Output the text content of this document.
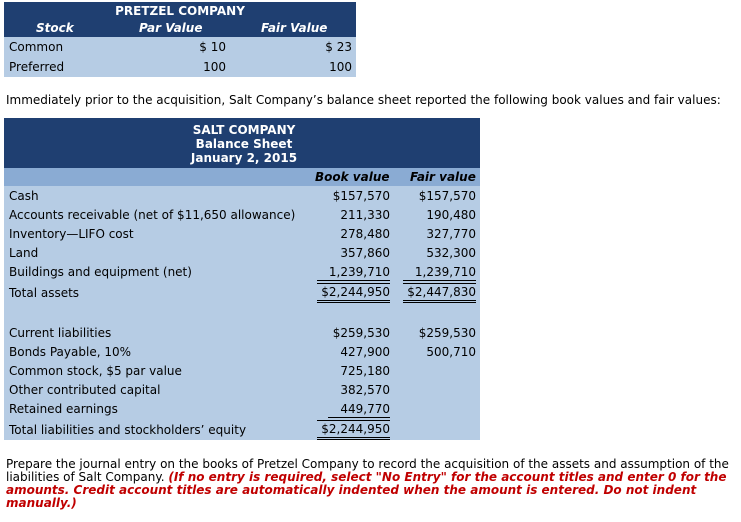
PRETZEL COMPANY
Stock	Par Value	Fair Value
Common	$ 10	$ 23
Preferred	100	100
Immediately prior to the acquisition, Salt Company’s balance sheet reported the following book values and fair values:
SALT COMPANY
Balance Sheet
January 2, 2015
Book value Fair value
Cash	$157,570 $157,570
Accounts receivable (net of $11,650 allowance)	211,330	190,480
Inventory—LIFO cost	278,480	327,770
Land	357,860	532,300
Buildings and equipment (net)	1,239,710	1,239,710
Total assets	$2,244,950	$2,447,830
Current liabilities	$259,530 $259,530
Bonds Payable, 10%	427,900	500,710
Common stock, $5 par value	725,180
Other contributed capital	382,570
Retained earnings	449,770
Total liabilities and stockholders’ equity	$2,244,950
Prepare the journal entry on the books of Pretzel Company to record the acquisition of the assets and assumption of the liabilities of Salt Company. (If no entry is required, select "No Entry" for the account titles and enter 0 for the amounts. Credit account titles are automatically indented when the amount is entered. Do not indent manually.)
